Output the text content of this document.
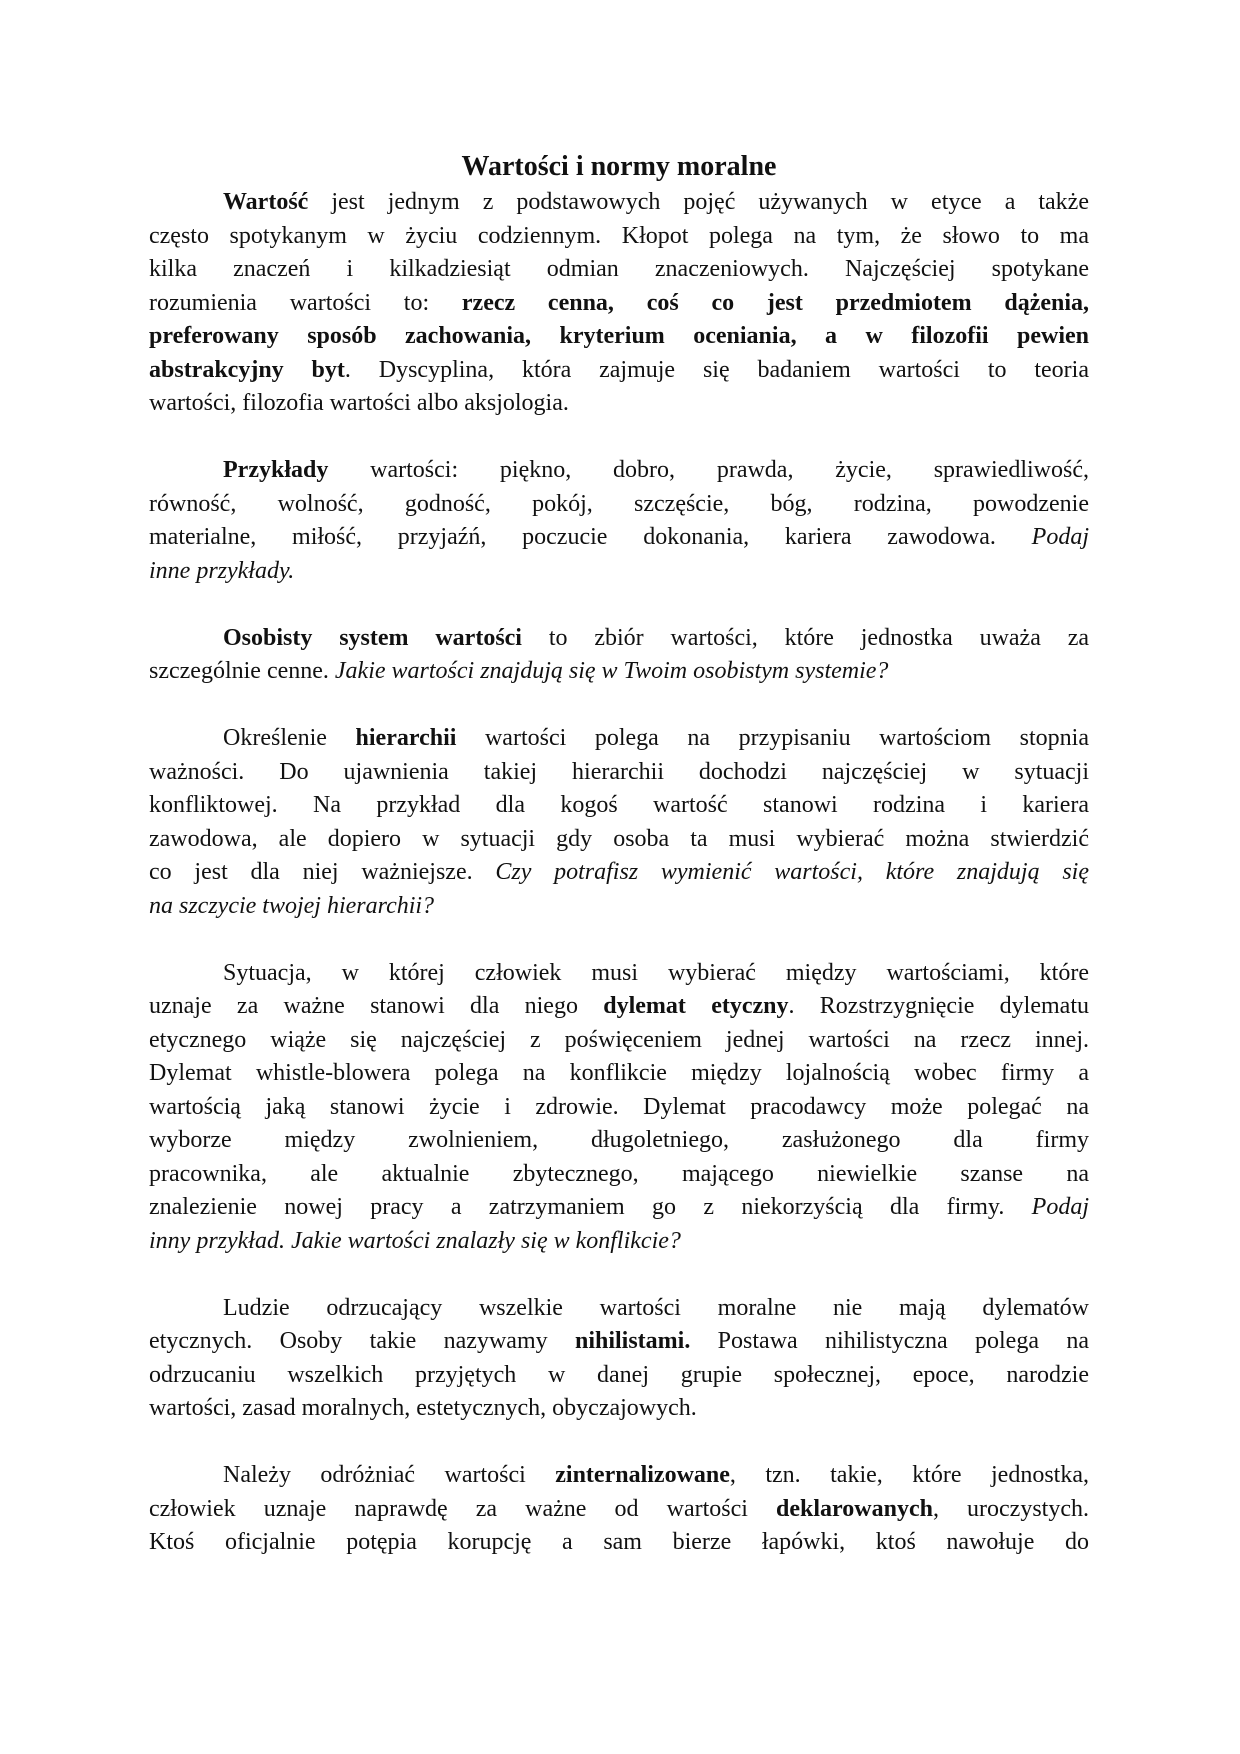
Wartości i normy moralne
Wartość jest jednym z podstawowych pojęć używanych w etyce a także
często spotykanym w życiu codziennym. Kłopot polega na tym, że słowo to ma
kilka znaczeń i kilkadziesiąt odmian znaczeniowych. Najczęściej spotykane
rozumienia wartości to: rzecz cenna, coś co jest przedmiotem dążenia,
preferowany sposób zachowania, kryterium oceniania, a w filozofii pewien
abstrakcyjny byt. Dyscyplina, która zajmuje się badaniem wartości to teoria
wartości, filozofia wartości albo aksjologia.
Przykłady wartości: piękno, dobro, prawda, życie, sprawiedliwość,
równość, wolność, godność, pokój, szczęście, bóg, rodzina, powodzenie
materialne, miłość, przyjaźń, poczucie dokonania, kariera zawodowa. Podaj
inne przykłady.
Osobisty system wartości to zbiór wartości, które jednostka uważa za
szczególnie cenne. Jakie wartości znajdują się w Twoim osobistym systemie?
Określenie hierarchii wartości polega na przypisaniu wartościom stopnia
ważności. Do ujawnienia takiej hierarchii dochodzi najczęściej w sytuacji
konfliktowej. Na przykład dla kogoś wartość stanowi rodzina i kariera
zawodowa, ale dopiero w sytuacji gdy osoba ta musi wybierać można stwierdzić
co jest dla niej ważniejsze. Czy potrafisz wymienić wartości, które znajdują się
na szczycie twojej hierarchii?
Sytuacja, w której człowiek musi wybierać między wartościami, które
uznaje za ważne stanowi dla niego dylemat etyczny. Rozstrzygnięcie dylematu
etycznego wiąże się najczęściej z poświęceniem jednej wartości na rzecz innej.
Dylemat whistle-blowera polega na konflikcie między lojalnością wobec firmy a
wartością jaką stanowi życie i zdrowie. Dylemat pracodawcy może polegać na
wyborze między zwolnieniem, długoletniego, zasłużonego dla firmy
pracownika, ale aktualnie zbytecznego, mającego niewielkie szanse na
znalezienie nowej pracy a zatrzymaniem go z niekorzyścią dla firmy. Podaj
inny przykład. Jakie wartości znalazły się w konflikcie?
Ludzie odrzucający wszelkie wartości moralne nie mają dylematów
etycznych. Osoby takie nazywamy nihilistami. Postawa nihilistyczna polega na
odrzucaniu wszelkich przyjętych w danej grupie społecznej, epoce, narodzie
wartości, zasad moralnych, estetycznych, obyczajowych.
Należy odróżniać wartości zinternalizowane, tzn. takie, które jednostka,
człowiek uznaje naprawdę za ważne od wartości deklarowanych, uroczystych.
Ktoś oficjalnie potępia korupcję a sam bierze łapówki, ktoś nawołuje do
